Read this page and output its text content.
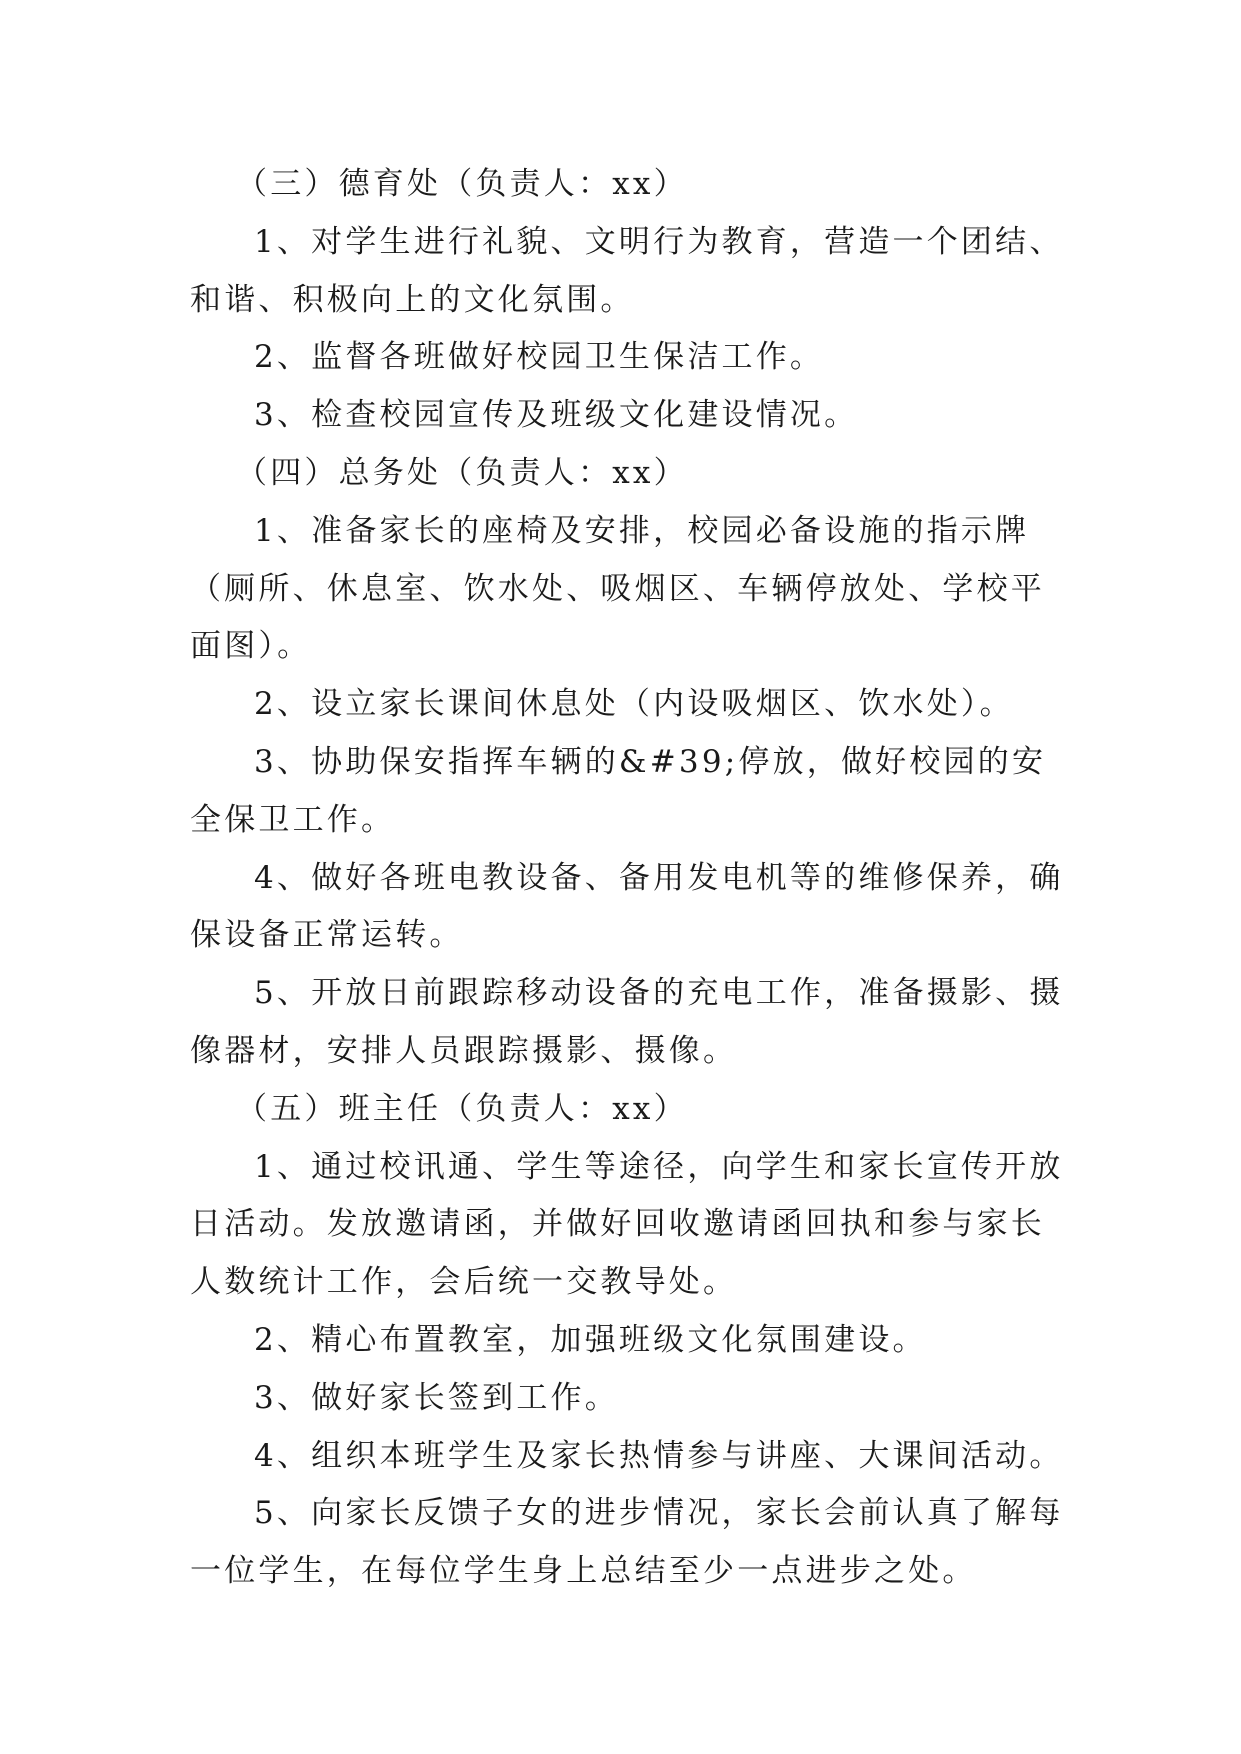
（三）德育处（负责人：xx）

1、对学生进行礼貌、文明行为教育，营造一个团结、和谐、积极向上的文化氛围。

2、监督各班做好校园卫生保洁工作。

3、检查校园宣传及班级文化建设情况。

（四）总务处（负责人：xx）

1、准备家长的座椅及安排，校园必备设施的指示牌（厕所、休息室、饮水处、吸烟区、车辆停放处、学校平面图）。

2、设立家长课间休息处（内设吸烟区、饮水处）。

3、协助保安指挥车辆的&#39;停放，做好校园的安全保卫工作。

4、做好各班电教设备、备用发电机等的维修保养，确保设备正常运转。

5、开放日前跟踪移动设备的充电工作，准备摄影、摄像器材，安排人员跟踪摄影、摄像。

（五）班主任（负责人：xx）

1、通过校讯通、学生等途径，向学生和家长宣传开放日活动。发放邀请函，并做好回收邀请函回执和参与家长人数统计工作，会后统一交教导处。

2、精心布置教室，加强班级文化氛围建设。

3、做好家长签到工作。

4、组织本班学生及家长热情参与讲座、大课间活动。

5、向家长反馈子女的进步情况，家长会前认真了解每一位学生，在每位学生身上总结至少一点进步之处。
